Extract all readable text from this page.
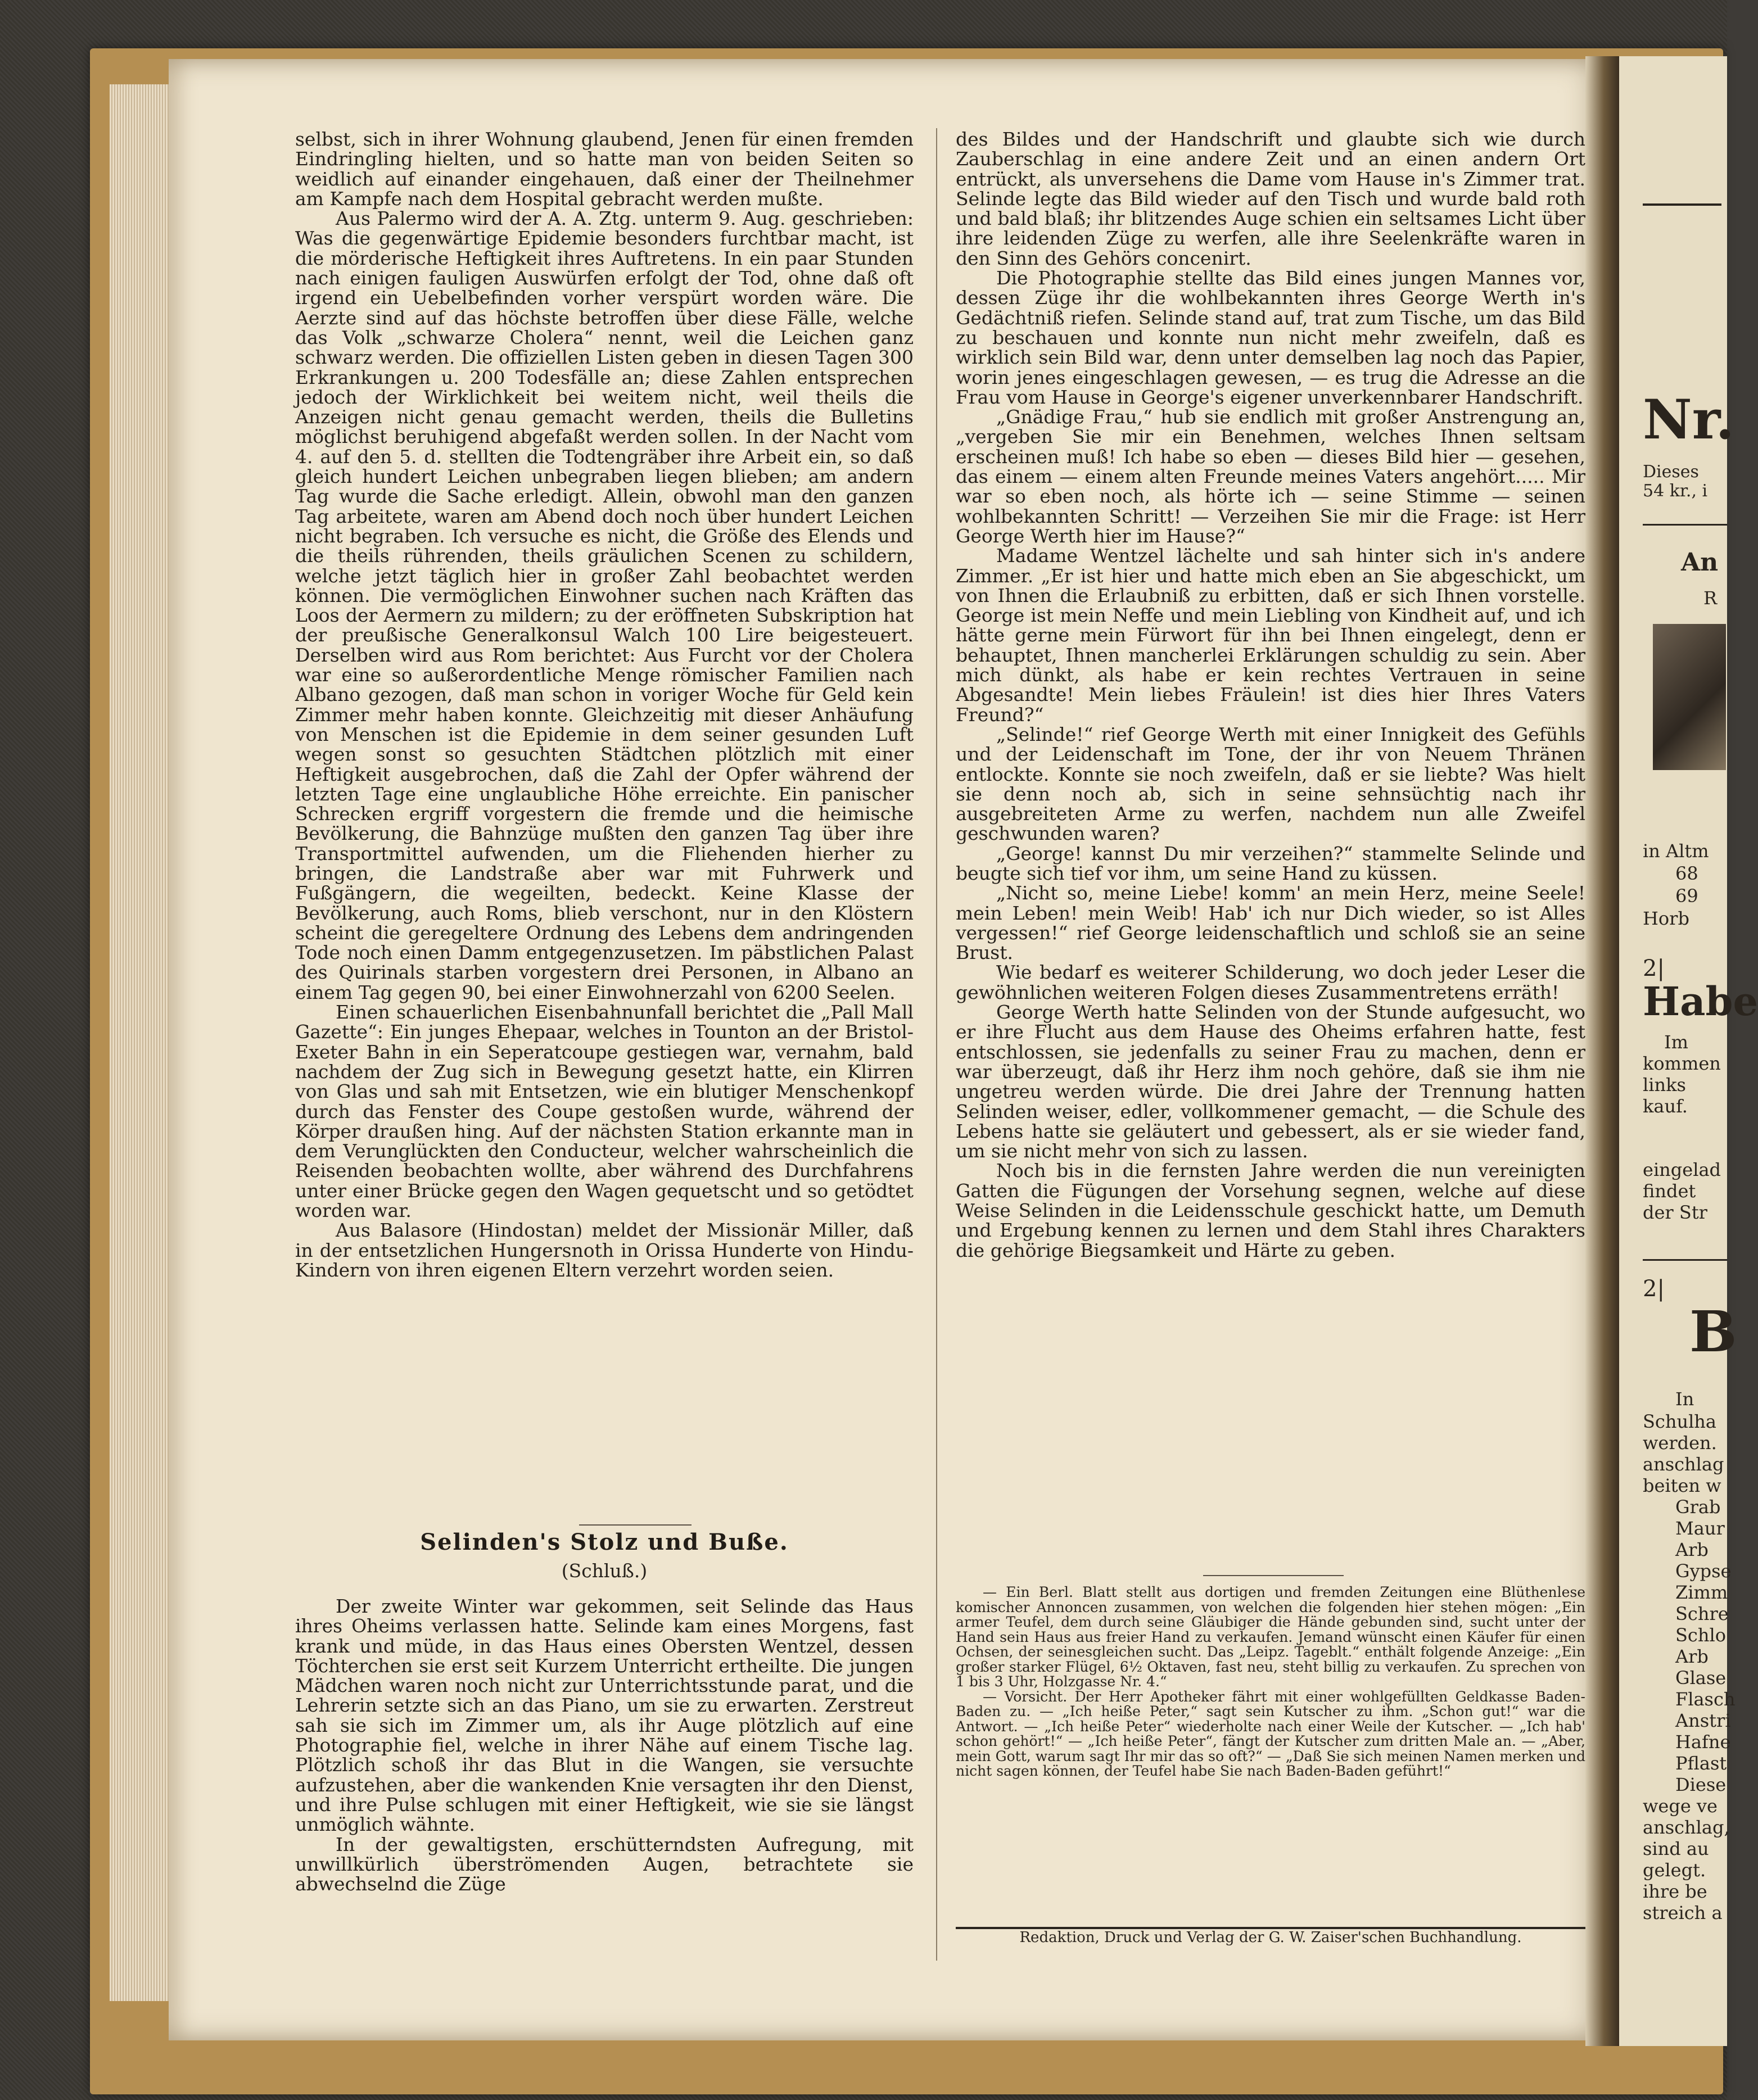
selbst, sich in ihrer Wohnung glaubend, Jenen für einen fremden Eindringling hielten, und so hatte man von beiden Seiten so weidlich auf einander eingehauen, daß einer der Theilnehmer am Kampfe nach dem Hospital gebracht werden mußte.

Aus Palermo wird der A. A. Ztg. unterm 9. Aug. geschrieben: Was die gegenwärtige Epidemie besonders furchtbar macht, ist die mörderische Heftigkeit ihres Auftretens. In ein paar Stunden nach einigen fauligen Auswürfen erfolgt der Tod, ohne daß oft irgend ein Uebelbefinden vorher verspürt worden wäre. Die Aerzte sind auf das höchste betroffen über diese Fälle, welche das Volk „schwarze Cholera“ nennt, weil die Leichen ganz schwarz werden. Die offiziellen Listen geben in diesen Tagen 300 Erkrankungen u. 200 Todesfälle an; diese Zahlen entsprechen jedoch der Wirklichkeit bei weitem nicht, weil theils die Anzeigen nicht genau gemacht werden, theils die Bulletins möglichst beruhigend abgefaßt werden sollen. In der Nacht vom 4. auf den 5. d. stellten die Todtengräber ihre Arbeit ein, so daß gleich hundert Leichen unbegraben liegen blieben; am andern Tag wurde die Sache erledigt. Allein, obwohl man den ganzen Tag arbeitete, waren am Abend doch noch über hundert Leichen nicht begraben. Ich versuche es nicht, die Größe des Elends und die theils rührenden, theils gräulichen Scenen zu schildern, welche jetzt täglich hier in großer Zahl beobachtet werden können. Die vermöglichen Einwohner suchen nach Kräften das Loos der Aermern zu mildern; zu der eröffneten Subskription hat der preußische Generalkonsul Walch 100 Lire beigesteuert. Derselben wird aus Rom berichtet: Aus Furcht vor der Cholera war eine so außerordentliche Menge römischer Familien nach Albano gezogen, daß man schon in voriger Woche für Geld kein Zimmer mehr haben konnte. Gleichzeitig mit dieser Anhäufung von Menschen ist die Epidemie in dem seiner gesunden Luft wegen sonst so gesuchten Städtchen plötzlich mit einer Heftigkeit ausgebrochen, daß die Zahl der Opfer während der letzten Tage eine unglaubliche Höhe erreichte. Ein panischer Schrecken ergriff vorgestern die fremde und die heimische Bevölkerung, die Bahnzüge mußten den ganzen Tag über ihre Transportmittel aufwenden, um die Fliehenden hierher zu bringen, die Landstraße aber war mit Fuhrwerk und Fußgängern, die wegeilten, bedeckt. Keine Klasse der Bevölkerung, auch Roms, blieb verschont, nur in den Klöstern scheint die geregeltere Ordnung des Lebens dem andringenden Tode noch einen Damm entgegenzusetzen. Im päbstlichen Palast des Quirinals starben vorgestern drei Personen, in Albano an einem Tag gegen 90, bei einer Einwohnerzahl von 6200 Seelen.

Einen schauerlichen Eisenbahnunfall berichtet die „Pall Mall Gazette“: Ein junges Ehepaar, welches in Tounton an der Bristol-Exeter Bahn in ein Seperatcoupe gestiegen war, vernahm, bald nachdem der Zug sich in Bewegung gesetzt hatte, ein Klirren von Glas und sah mit Entsetzen, wie ein blutiger Menschenkopf durch das Fenster des Coupe gestoßen wurde, während der Körper draußen hing. Auf der nächsten Station erkannte man in dem Verunglückten den Conducteur, welcher wahrscheinlich die Reisenden beobachten wollte, aber während des Durchfahrens unter einer Brücke gegen den Wagen gequetscht und so getödtet worden war.

Aus Balasore (Hindostan) meldet der Missionär Miller, daß in der entsetzlichen Hungersnoth in Orissa Hunderte von Hindu-Kindern von ihren eigenen Eltern verzehrt worden seien.

Selinden's Stolz und Buße.
(Schluß.)

Der zweite Winter war gekommen, seit Selinde das Haus ihres Oheims verlassen hatte. Selinde kam eines Morgens, fast krank und müde, in das Haus eines Obersten Wentzel, dessen Töchterchen sie erst seit Kurzem Unterricht ertheilte. Die jungen Mädchen waren noch nicht zur Unterrichtsstunde parat, und die Lehrerin setzte sich an das Piano, um sie zu erwarten. Zerstreut sah sie sich im Zimmer um, als ihr Auge plötzlich auf eine Photographie fiel, welche in ihrer Nähe auf einem Tische lag. Plötzlich schoß ihr das Blut in die Wangen, sie versuchte aufzustehen, aber die wankenden Knie versagten ihr den Dienst, und ihre Pulse schlugen mit einer Heftigkeit, wie sie sie längst unmöglich wähnte.

In der gewaltigsten, erschütterndsten Aufregung, mit unwillkürlich überströmenden Augen, betrachtete sie abwechselnd die Züge

des Bildes und der Handschrift und glaubte sich wie durch Zauberschlag in eine andere Zeit und an einen andern Ort entrückt, als unversehens die Dame vom Hause in's Zimmer trat. Selinde legte das Bild wieder auf den Tisch und wurde bald roth und bald blaß; ihr blitzendes Auge schien ein seltsames Licht über ihre leidenden Züge zu werfen, alle ihre Seelenkräfte waren in den Sinn des Gehörs concenirt.

Die Photographie stellte das Bild eines jungen Mannes vor, dessen Züge ihr die wohlbekannten ihres George Werth in's Gedächtniß riefen. Selinde stand auf, trat zum Tische, um das Bild zu beschauen und konnte nun nicht mehr zweifeln, daß es wirklich sein Bild war, denn unter demselben lag noch das Papier, worin jenes eingeschlagen gewesen, — es trug die Adresse an die Frau vom Hause in George's eigener unverkennbarer Handschrift.

„Gnädige Frau,“ hub sie endlich mit großer Anstrengung an, „vergeben Sie mir ein Benehmen, welches Ihnen seltsam erscheinen muß! Ich habe so eben — dieses Bild hier — gesehen, das einem — einem alten Freunde meines Vaters angehört..... Mir war so eben noch, als hörte ich — seine Stimme — seinen wohlbekannten Schritt! — Verzeihen Sie mir die Frage: ist Herr George Werth hier im Hause?“

Madame Wentzel lächelte und sah hinter sich in's andere Zimmer. „Er ist hier und hatte mich eben an Sie abgeschickt, um von Ihnen die Erlaubniß zu erbitten, daß er sich Ihnen vorstelle. George ist mein Neffe und mein Liebling von Kindheit auf, und ich hätte gerne mein Fürwort für ihn bei Ihnen eingelegt, denn er behauptet, Ihnen mancherlei Erklärungen schuldig zu sein. Aber mich dünkt, als habe er kein rechtes Vertrauen in seine Abgesandte! Mein liebes Fräulein! ist dies hier Ihres Vaters Freund?“

„Selinde!“ rief George Werth mit einer Innigkeit des Gefühls und der Leidenschaft im Tone, der ihr von Neuem Thränen entlockte. Konnte sie noch zweifeln, daß er sie liebte? Was hielt sie denn noch ab, sich in seine sehnsüchtig nach ihr ausgebreiteten Arme zu werfen, nachdem nun alle Zweifel geschwunden waren?

„George! kannst Du mir verzeihen?“ stammelte Selinde und beugte sich tief vor ihm, um seine Hand zu küssen.

„Nicht so, meine Liebe! komm' an mein Herz, meine Seele! mein Leben! mein Weib! Hab' ich nur Dich wieder, so ist Alles vergessen!“ rief George leidenschaftlich und schloß sie an seine Brust.

Wie bedarf es weiterer Schilderung, wo doch jeder Leser die gewöhnlichen weiteren Folgen dieses Zusammentretens erräth!

George Werth hatte Selinden von der Stunde aufgesucht, wo er ihre Flucht aus dem Hause des Oheims erfahren hatte, fest entschlossen, sie jedenfalls zu seiner Frau zu machen, denn er war überzeugt, daß ihr Herz ihm noch gehöre, daß sie ihm nie ungetreu werden würde. Die drei Jahre der Trennung hatten Selinden weiser, edler, vollkommener gemacht, — die Schule des Lebens hatte sie geläutert und gebessert, als er sie wieder fand, um sie nicht mehr von sich zu lassen.

Noch bis in die fernsten Jahre werden die nun vereinigten Gatten die Fügungen der Vorsehung segnen, welche auf diese Weise Selinden in die Leidensschule geschickt hatte, um Demuth und Ergebung kennen zu lernen und dem Stahl ihres Charakters die gehörige Biegsamkeit und Härte zu geben.

— Ein Berl. Blatt stellt aus dortigen und fremden Zeitungen eine Blüthenlese komischer Annoncen zusammen, von welchen die folgenden hier stehen mögen: „Ein armer Teufel, dem durch seine Gläubiger die Hände gebunden sind, sucht unter der Hand sein Haus aus freier Hand zu verkaufen. Jemand wünscht einen Käufer für einen Ochsen, der seinesgleichen sucht. Das „Leipz. Tageblt.“ enthält folgende Anzeige: „Ein großer starker Flügel, 6½ Oktaven, fast neu, steht billig zu verkaufen. Zu sprechen von 1 bis 3 Uhr, Holzgasse Nr. 4.“

— Vorsicht. Der Herr Apotheker fährt mit einer wohlgefüllten Geldkasse Baden-Baden zu. — „Ich heiße Peter,“ sagt sein Kutscher zu ihm. „Schon gut!“ war die Antwort. — „Ich heiße Peter“ wiederholte nach einer Weile der Kutscher. — „Ich hab' schon gehört!“ — „Ich heiße Peter“, fängt der Kutscher zum dritten Male an. — „Aber, mein Gott, warum sagt Ihr mir das so oft?“ — „Daß Sie sich meinen Namen merken und nicht sagen können, der Teufel habe Sie nach Baden-Baden geführt!“

Redaktion, Druck und Verlag der G. W. Zaiser'schen Buchhandlung.
Nr.
Dieses
54 kr., i
An
R
in Altm
68
69
Horb
2|
Habe
Im
kommen
links
kauf.
eingelad
findet
der Str
2|
B
In
Schulha
werden.
anschlag
beiten w
Grab
Maur
Arb
Gypse
Zimm
Schre
Schlo
Arb
Glase
Flasch
Anstri
Hafne
Pflast
Diese
wege ve
anschlag,
sind au
gelegt.
ihre be
streich a
